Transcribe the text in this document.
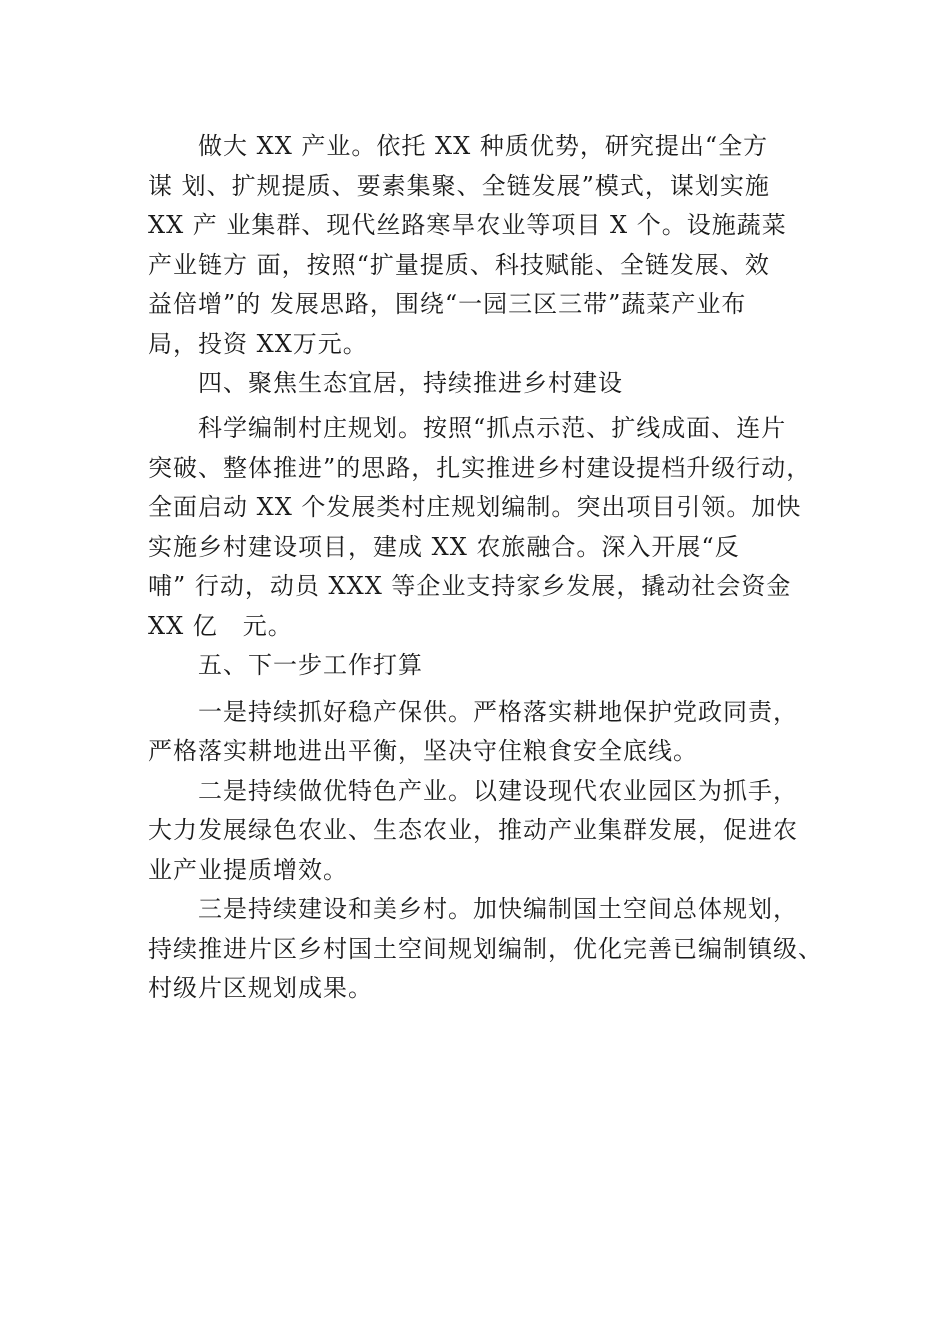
　　做大 XX 产业。依托 XX 种质优势，研究提出“全方
谋 划、扩规提质、要素集聚、全链发展”模式，谋划实施
XX 产 业集群、现代丝路寒旱农业等项目 X 个。设施蔬菜
产业链方 面，按照“扩量提质、科技赋能、全链发展、效
益倍增”的 发展思路，围绕“一园三区三带”蔬菜产业布
局，投资 XX万元。
　　四、聚焦生态宜居，持续推进乡村建设
　　科学编制村庄规划。按照“抓点示范、扩线成面、连片
突破、整体推进”的思路，扎实推进乡村建设提档升级行动，
全面启动 XX 个发展类村庄规划编制。突出项目引领。加快
实施乡村建设项目，建成 XX 农旅融合。深入开展“反
哺” 行动，动员 XXX 等企业支持家乡发展，撬动社会资金
XX 亿　元。
　　五、下一步工作打算
　　一是持续抓好稳产保供。严格落实耕地保护党政同责，
严格落实耕地进出平衡，坚决守住粮食安全底线。
　　二是持续做优特色产业。以建设现代农业园区为抓手，
大力发展绿色农业、生态农业，推动产业集群发展，促进农
业产业提质增效。
　　三是持续建设和美乡村。加快编制国土空间总体规划，
持续推进片区乡村国土空间规划编制，优化完善已编制镇级、
村级片区规划成果。
